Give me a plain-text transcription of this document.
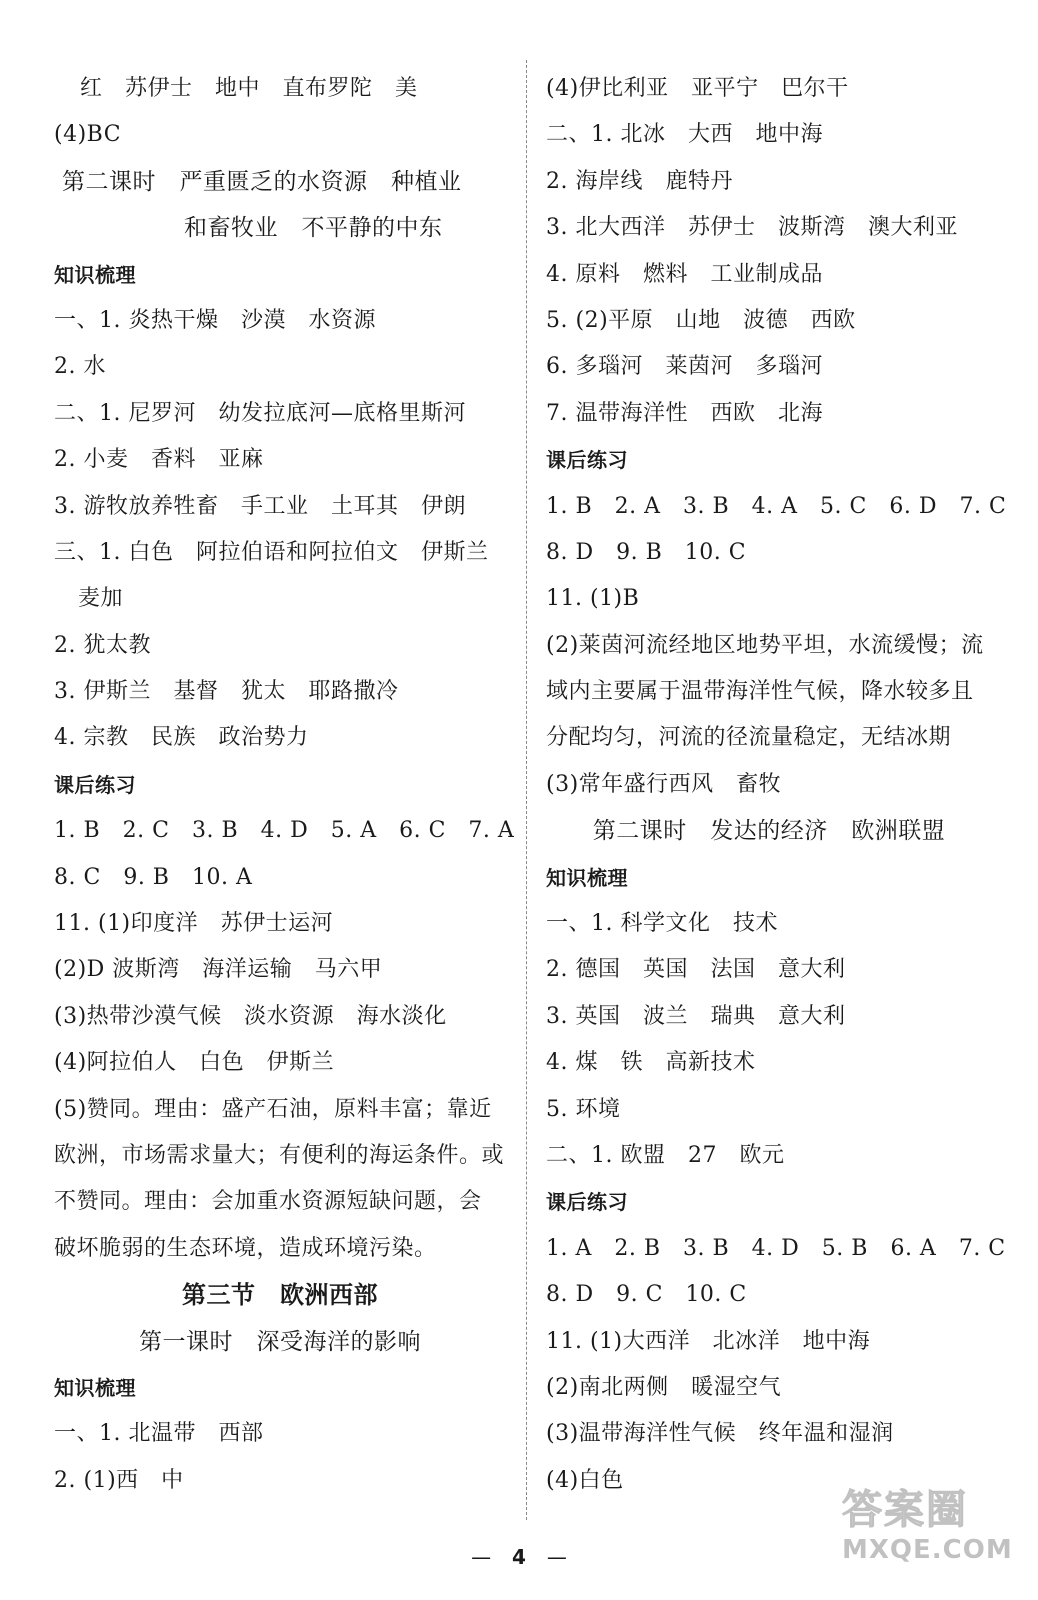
红　苏伊士　地中　直布罗陀　美
(4)BC
第二课时　严重匮乏的水资源　种植业
和畜牧业　不平静的中东
知识梳理
一、1. 炎热干燥　沙漠　水资源
2. 水
二、1. 尼罗河　幼发拉底河—底格里斯河
2. 小麦　香料　亚麻
3. 游牧放养牲畜　手工业　土耳其　伊朗
三、1. 白色　阿拉伯语和阿拉伯文　伊斯兰
麦加
2. 犹太教
3. 伊斯兰　基督　犹太　耶路撒冷
4. 宗教　民族　政治势力
课后练习
1. B　2. C　3. B　4. D　5. A　6. C　7. A
8. C　9. B　10. A
11. (1)印度洋　苏伊士运河
(2)D 波斯湾　海洋运输　马六甲
(3)热带沙漠气候　淡水资源　海水淡化
(4)阿拉伯人　白色　伊斯兰
(5)赞同。理由：盛产石油，原料丰富；靠近
欧洲，市场需求量大；有便利的海运条件。或
不赞同。理由：会加重水资源短缺问题，会
破坏脆弱的生态环境，造成环境污染。
第三节　欧洲西部
第一课时　深受海洋的影响
知识梳理
一、1. 北温带　西部
2. (1)西　中
(4)伊比利亚　亚平宁　巴尔干
二、1. 北冰　大西　地中海
2. 海岸线　鹿特丹
3. 北大西洋　苏伊士　波斯湾　澳大利亚
4. 原料　燃料　工业制成品
5. (2)平原　山地　波德　西欧
6. 多瑙河　莱茵河　多瑙河
7. 温带海洋性　西欧　北海
课后练习
1. B　2. A　3. B　4. A　5. C　6. D　7. C
8. D　9. B　10. C
11. (1)B
(2)莱茵河流经地区地势平坦，水流缓慢；流
域内主要属于温带海洋性气候，降水较多且
分配均匀，河流的径流量稳定，无结冰期
(3)常年盛行西风　畜牧
第二课时　发达的经济　欧洲联盟
知识梳理
一、1. 科学文化　技术
2. 德国　英国　法国　意大利
3. 英国　波兰　瑞典　意大利
4. 煤　铁　高新技术
5. 环境
二、1. 欧盟　27　欧元
课后练习
1. A　2. B　3. B　4. D　5. B　6. A　7. C
8. D　9. C　10. C
11. (1)大西洋　北冰洋　地中海
(2)南北两侧　暖湿空气
(3)温带海洋性气候　终年温和湿润
(4)白色
— 4 —
答案圈
MXQE.COM
